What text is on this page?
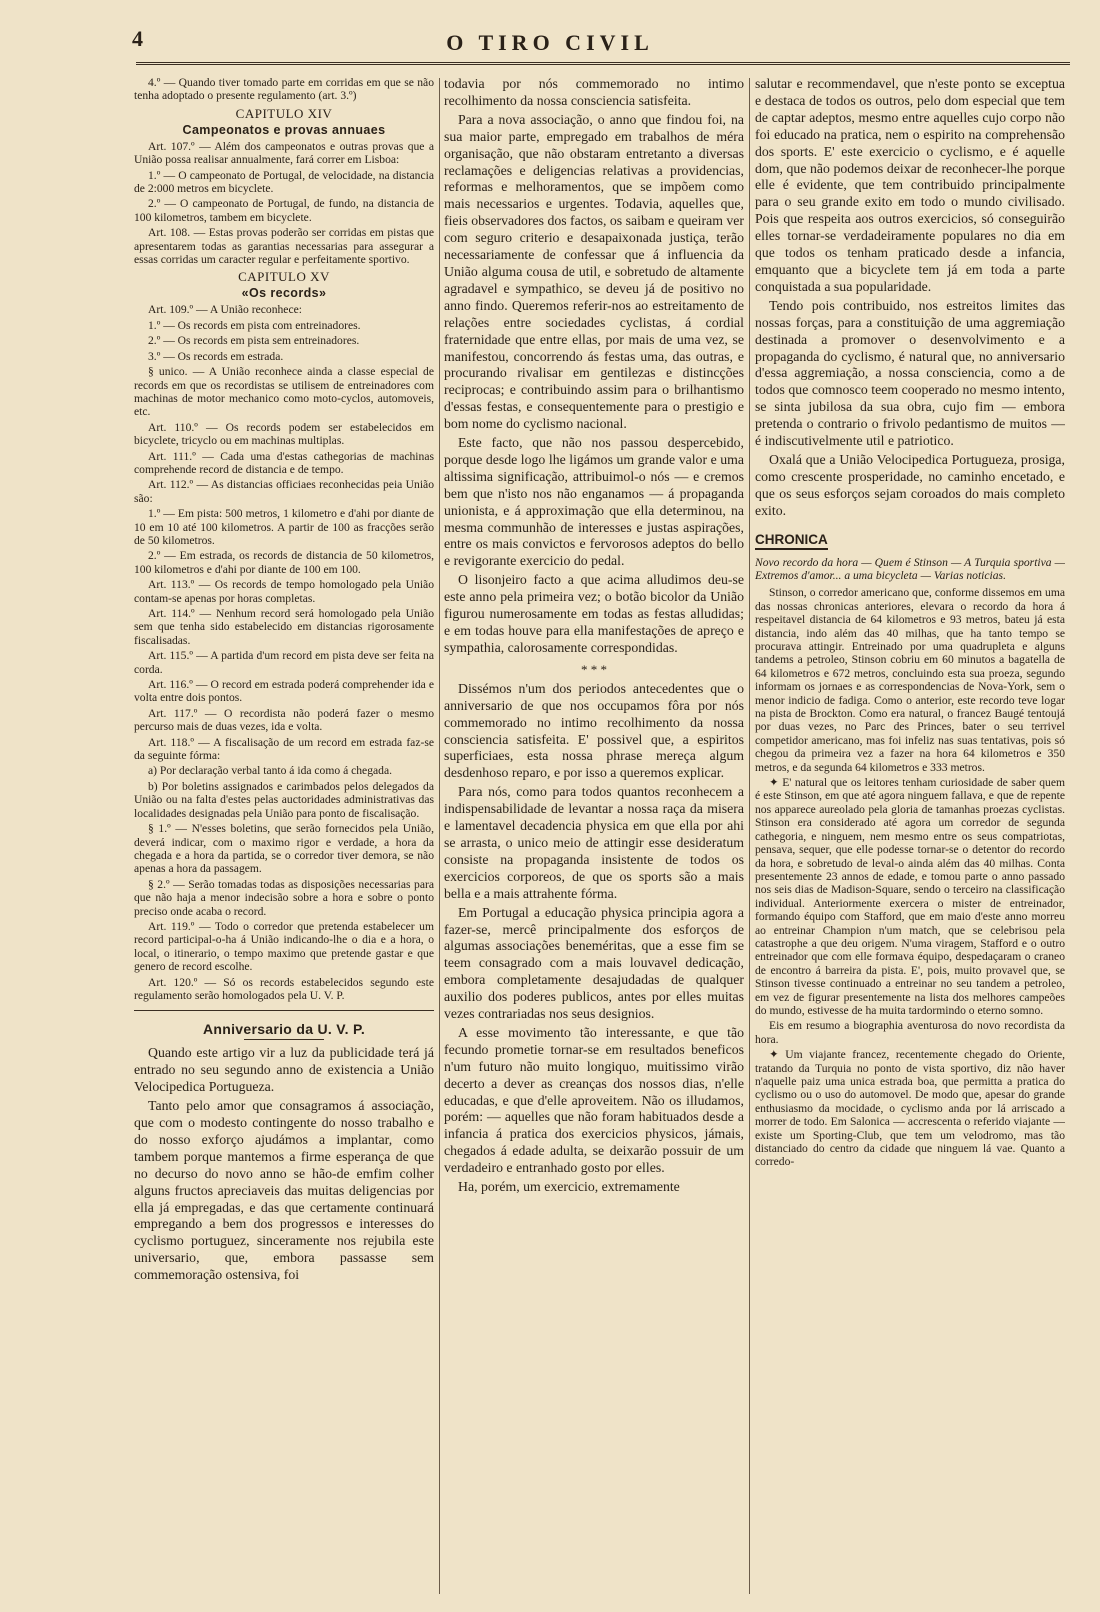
4	O TIRO CIVIL

4.º — Quando tiver tomado parte em corridas em que se não tenha adoptado o presente regulamento (art. 3.º)

CAPITULO XIV
Campeonatos e provas annuaes

Art. 107.º — Além dos campeonatos e outras provas que a União possa realisar annualmente, fará correr em Lisboa:

1.º — O campeonato de Portugal, de velocidade, na distancia de 2:000 metros em bicyclete.

2.º — O campeonato de Portugal, de fundo, na distancia de 100 kilometros, tambem em bicyclete.

Art. 108. — Estas provas poderão ser corridas em pistas que apresentarem todas as garantias necessarias para assegurar a essas corridas um caracter regular e perfeitamente sportivo.

CAPITULO XV
«Os records»

Art. 109.º — A União reconhece:

1.º — Os records em pista com entreinadores.

2.º — Os records em pista sem entreinadores.

3.º — Os records em estrada.

§ unico. — A União reconhece ainda a classe especial de records em que os recordistas se utilisem de entreinadores com machinas de motor mechanico como moto-cyclos, automoveis, etc.

Art. 110.º — Os records podem ser estabelecidos em bicyclete, tricyclo ou em machinas multiplas.

Art. 111.º — Cada uma d'estas cathegorias de machinas comprehende record de distancia e de tempo.

Art. 112.º — As distancias officiaes reconhecidas peia União são:

1.º — Em pista: 500 metros, 1 kilometro e d'ahi por diante de 10 em 10 até 100 kilometros. A partir de 100 as fracções serão de 50 kilometros.

2.º — Em estrada, os records de distancia de 50 kilometros, 100 kilometros e d'ahi por diante de 100 em 100.

Art. 113.º — Os records de tempo homologado pela União contam-se apenas por horas completas.

Art. 114.º — Nenhum record será homologado pela União sem que tenha sido estabelecido em distancias rigorosamente fiscalisadas.

Art. 115.º — A partida d'um record em pista deve ser feita na corda.

Art. 116.º — O record em estrada poderá comprehender ida e volta entre dois pontos.

Art. 117.º — O recordista não poderá fazer o mesmo percurso mais de duas vezes, ida e volta.

Art. 118.º — A fiscalisação de um record em estrada faz-se da seguinte fórma:

a) Por declaração verbal tanto á ida como á chegada.

b) Por boletins assignados e carimbados pelos delegados da União ou na falta d'estes pelas auctoridades administrativas das localidades designadas pela União para ponto de fiscalisação.

§ 1.º — N'esses boletins, que serão fornecidos pela União, deverá indicar, com o maximo rigor e verdade, a hora da chegada e a hora da partida, se o corredor tiver demora, se não apenas a hora da passagem.

§ 2.º — Serão tomadas todas as disposições necessarias para que não haja a menor indecisão sobre a hora e sobre o ponto preciso onde acaba o record.

Art. 119.º — Todo o corredor que pretenda estabelecer um record participal-o-ha á União indicando-lhe o dia e a hora, o local, o itinerario, o tempo maximo que pretende gastar e que genero de record escolhe.

Art. 120.º — Só os records estabelecidos segundo este regulamento serão homologados pela U. V. P.

Anniversario da U. V. P.

Quando este artigo vir a luz da publicidade terá já entrado no seu segundo anno de existencia a União Velocipedica Portugueza.

Tanto pelo amor que consagramos á associação, que com o modesto contingente do nosso trabalho e do nosso exforço ajudámos a implantar, como tambem porque mantemos a firme esperança de que no decurso do novo anno se hão-de emfim colher alguns fructos apreciaveis das muitas deligencias por ella já empregadas, e das que certamente continuará empregando a bem dos progressos e interesses do cyclismo portuguez, sinceramente nos rejubila este universario, que, embora passasse sem commemoração ostensiva, foi

todavia por nós commemorado no intimo recolhimento da nossa consciencia satisfeita.

Para a nova associação, o anno que findou foi, na sua maior parte, empregado em trabalhos de méra organisação, que não obstaram entretanto a diversas reclamações e deligencias relativas a providencias, reformas e melhoramentos, que se impõem como mais necessarios e urgentes. Todavia, aquelles que, fieis observadores dos factos, os saibam e queiram ver com seguro criterio e desapaixonada justiça, terão necessariamente de confessar que á influencia da União alguma cousa de util, e sobretudo de altamente agradavel e sympathico, se deveu já de positivo no anno findo. Queremos referir-nos ao estreitamento de relações entre sociedades cyclistas, á cordial fraternidade que entre ellas, por mais de uma vez, se manifestou, concorrendo ás festas uma, das outras, e procurando rivalisar em gentilezas e distincções reciprocas; e contribuindo assim para o brilhantismo d'essas festas, e consequentemente para o prestigio e bom nome do cyclismo nacional.

Este facto, que não nos passou despercebido, porque desde logo lhe ligámos um grande valor e uma altissima significação, attribuimol-o nós — e cremos bem que n'isto nos não enganamos — á propaganda unionista, e á approximação que ella determinou, na mesma communhão de interesses e justas aspirações, entre os mais convictos e fervorosos adeptos do bello e revigorante exercicio do pedal.

O lisonjeiro facto a que acima alludimos deu-se este anno pela primeira vez; o botão bicolor da União figurou numerosamente em todas as festas alludidas; e em todas houve para ella manifestações de apreço e sympathia, calorosamente correspondidas.

* * *

Dissémos n'um dos periodos antecedentes que o anniversario de que nos occupamos fôra por nós commemorado no intimo recolhimento da nossa consciencia satisfeita. E' possivel que, a espiritos superficiaes, esta nossa phrase mereça algum desdenhoso reparo, e por isso a queremos explicar.

Para nós, como para todos quantos reconhecem a indispensabilidade de levantar a nossa raça da misera e lamentavel decadencia physica em que ella por ahi se arrasta, o unico meio de attingir esse desideratum consiste na propaganda insistente de todos os exercicios corporeos, de que os sports são a mais bella e a mais attrahente fórma.

Em Portugal a educação physica principia agora a fazer-se, mercê principalmente dos esforços de algumas associações beneméritas, que a esse fim se teem consagrado com a mais louvavel dedicação, embora completamente desajudadas de qualquer auxilio dos poderes publicos, antes por elles muitas vezes contrariadas nos seus designios.

A esse movimento tão interessante, e que tão fecundo prometie tornar-se em resultados beneficos n'um futuro não muito longiquo, muitissimo virão decerto a dever as creanças dos nossos dias, n'elle educadas, e que d'elle aproveitem. Não os illudamos, porém: — aquelles que não foram habituados desde a infancia á pratica dos exercicios physicos, jámais, chegados á edade adulta, se deixarão possuir de um verdadeiro e entranhado gosto por elles.

Ha, porém, um exercicio, extremamente

salutar e recommendavel, que n'este ponto se exceptua e destaca de todos os outros, pelo dom especial que tem de captar adeptos, mesmo entre aquelles cujo corpo não foi educado na pratica, nem o espirito na comprehensão dos sports. E' este exercicio o cyclismo, e é aquelle dom, que não podemos deixar de reconhecer-lhe porque elle é evidente, que tem contribuido principalmente para o seu grande exito em todo o mundo civilisado. Pois que respeita aos outros exercicios, só conseguirão elles tornar-se verdadeiramente populares no dia em que todos os tenham praticado desde a infancia, emquanto que a bicyclete tem já em toda a parte conquistada a sua popularidade.

Tendo pois contribuido, nos estreitos limites das nossas forças, para a constituição de uma aggremiação destinada a promover o desenvolvimento e a propaganda do cyclismo, é natural que, no anniversario d'essa aggremiação, a nossa consciencia, como a de todos que comnosco teem cooperado no mesmo intento, se sinta jubilosa da sua obra, cujo fim — embora pretenda o contrario o frivolo pedantismo de muitos — é indiscutivelmente util e patriotico.

Oxalá que a União Velocipedica Portugueza, prosiga, como crescente prosperidade, no caminho encetado, e que os seus esforços sejam coroados do mais completo exito.

CHRONICA

Novo recordo da hora — Quem é Stinson — A Turquia sportiva — Extremos d'amor... a uma bicycleta — Varias noticias.

Stinson, o corredor americano que, conforme dissemos em uma das nossas chronicas anteriores, elevara o recordo da hora á respeitavel distancia de 64 kilometros e 93 metros, bateu já esta distancia, indo além das 40 milhas, que ha tanto tempo se procurava attingir. Entreinado por uma quadrupleta e alguns tandems a petroleo, Stinson cobriu em 60 minutos a bagatella de 64 kilometros e 672 metros, concluindo esta sua proeza, segundo informam os jornaes e as correspondencias de Nova-York, sem o menor indicio de fadiga. Como o anterior, este recordo teve logar na pista de Brockton. Como era natural, o francez Baugé tentoujá por duas vezes, no Parc des Princes, bater o seu terrivel competidor americano, mas foi infeliz nas suas tentativas, pois só chegou da primeira vez a fazer na hora 64 kilometros e 350 metros, e da segunda 64 kilometros e 333 metros.

✦ E' natural que os leitores tenham curiosidade de saber quem é este Stinson, em que até agora ninguem fallava, e que de repente nos apparece aureolado pela gloria de tamanhas proezas cyclistas. Stinson era considerado até agora um corredor de segunda cathegoria, e ninguem, nem mesmo entre os seus compatriotas, pensava, sequer, que elle podesse tornar-se o detentor do recordo da hora, e sobretudo de leval-o ainda além das 40 milhas. Conta presentemente 23 annos de edade, e tomou parte o anno passado nos seis dias de Madison-Square, sendo o terceiro na classificação individual. Anteriormente exercera o mister de entreinador, formando équipo com Stafford, que em maio d'este anno morreu ao entreinar Champion n'um match, que se celebrisou pela catastrophe a que deu origem. N'uma viragem, Stafford e o outro entreinador que com elle formava équipo, despedaçaram o craneo de encontro á barreira da pista. E', pois, muito provavel que, se Stinson tivesse continuado a entreinar no seu tandem a petroleo, em vez de figurar presentemente na lista dos melhores campeões do mundo, estivesse de ha muita tardormindo o eterno somno.

Eis em resumo a biographia aventurosa do novo recordista da hora.

✦ Um viajante francez, recentemente chegado do Oriente, tratando da Turquia no ponto de vista sportivo, diz não haver n'aquelle paiz uma unica estrada boa, que permitta a pratica do cyclismo ou o uso do automovel. De modo que, apesar do grande enthusiasmo da mocidade, o cyclismo anda por lá arriscado a morrer de todo. Em Salonica — accrescenta o referido viajante — existe um Sporting-Club, que tem um velodromo, mas tão distanciado do centro da cidade que ninguem lá vae. Quanto a corredo-
